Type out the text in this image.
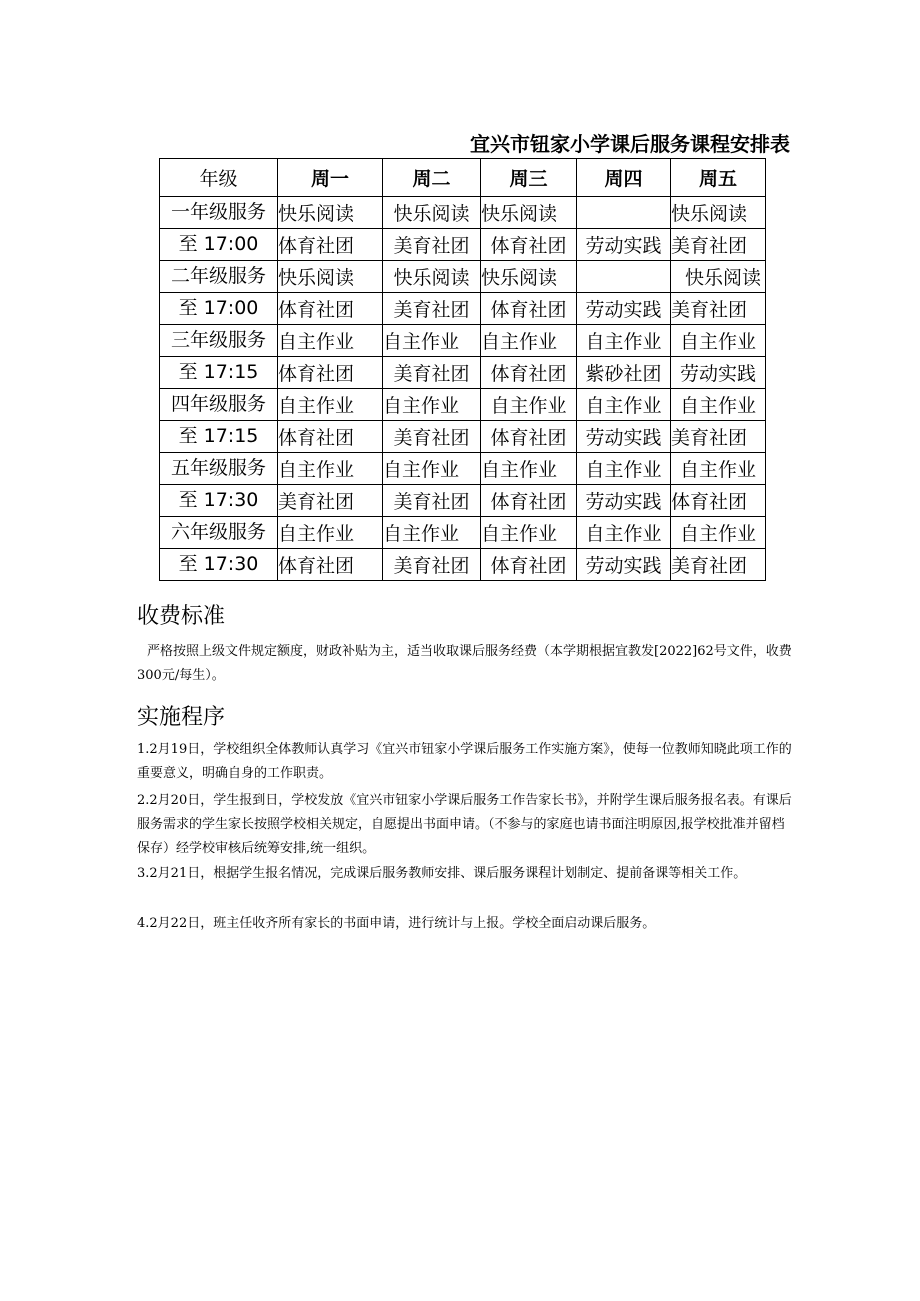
宜兴市钮家小学课后服务课程安排表
年级	周一	周二	周三	周四	周五
一年级服务	快乐阅读	快乐阅读	快乐阅读		快乐阅读
至 17:00	体育社团	美育社团	体育社团	劳动实践	美育社团
二年级服务	快乐阅读	快乐阅读	快乐阅读		快乐阅读
至 17:00	体育社团	美育社团	体育社团	劳动实践	美育社团
三年级服务	自主作业	自主作业	自主作业	自主作业	自主作业
至 17:15	体育社团	美育社团	体育社团	紫砂社团	劳动实践
四年级服务	自主作业	自主作业	自主作业	自主作业	自主作业
至 17:15	体育社团	美育社团	体育社团	劳动实践	美育社团
五年级服务	自主作业	自主作业	自主作业	自主作业	自主作业
至 17:30	美育社团	美育社团	体育社团	劳动实践	体育社团
六年级服务	自主作业	自主作业	自主作业	自主作业	自主作业
至 17:30	体育社团	美育社团	体育社团	劳动实践	美育社团
收费标准
严格按照上级文件规定额度，财政补贴为主，适当收取课后服务经费（本学期根据宜教发[2022]62号文件，收费300元/每生）。
实施程序
1.2月19日，学校组织全体教师认真学习《宜兴市钮家小学课后服务工作实施方案》，使每一位教师知晓此项工作的重要意义，明确自身的工作职责。
2.2月20日，学生报到日，学校发放《宜兴市钮家小学课后服务工作告家长书》，并附学生课后服务报名表。有课后服务需求的学生家长按照学校相关规定，自愿提出书面申请。（不参与的家庭也请书面注明原因,报学校批准并留档保存）经学校审核后统筹安排,统一组织。
3.2月21日，根据学生报名情况，完成课后服务教师安排、课后服务课程计划制定、提前备课等相关工作。
4.2月22日，班主任收齐所有家长的书面申请，进行统计与上报。学校全面启动课后服务。
